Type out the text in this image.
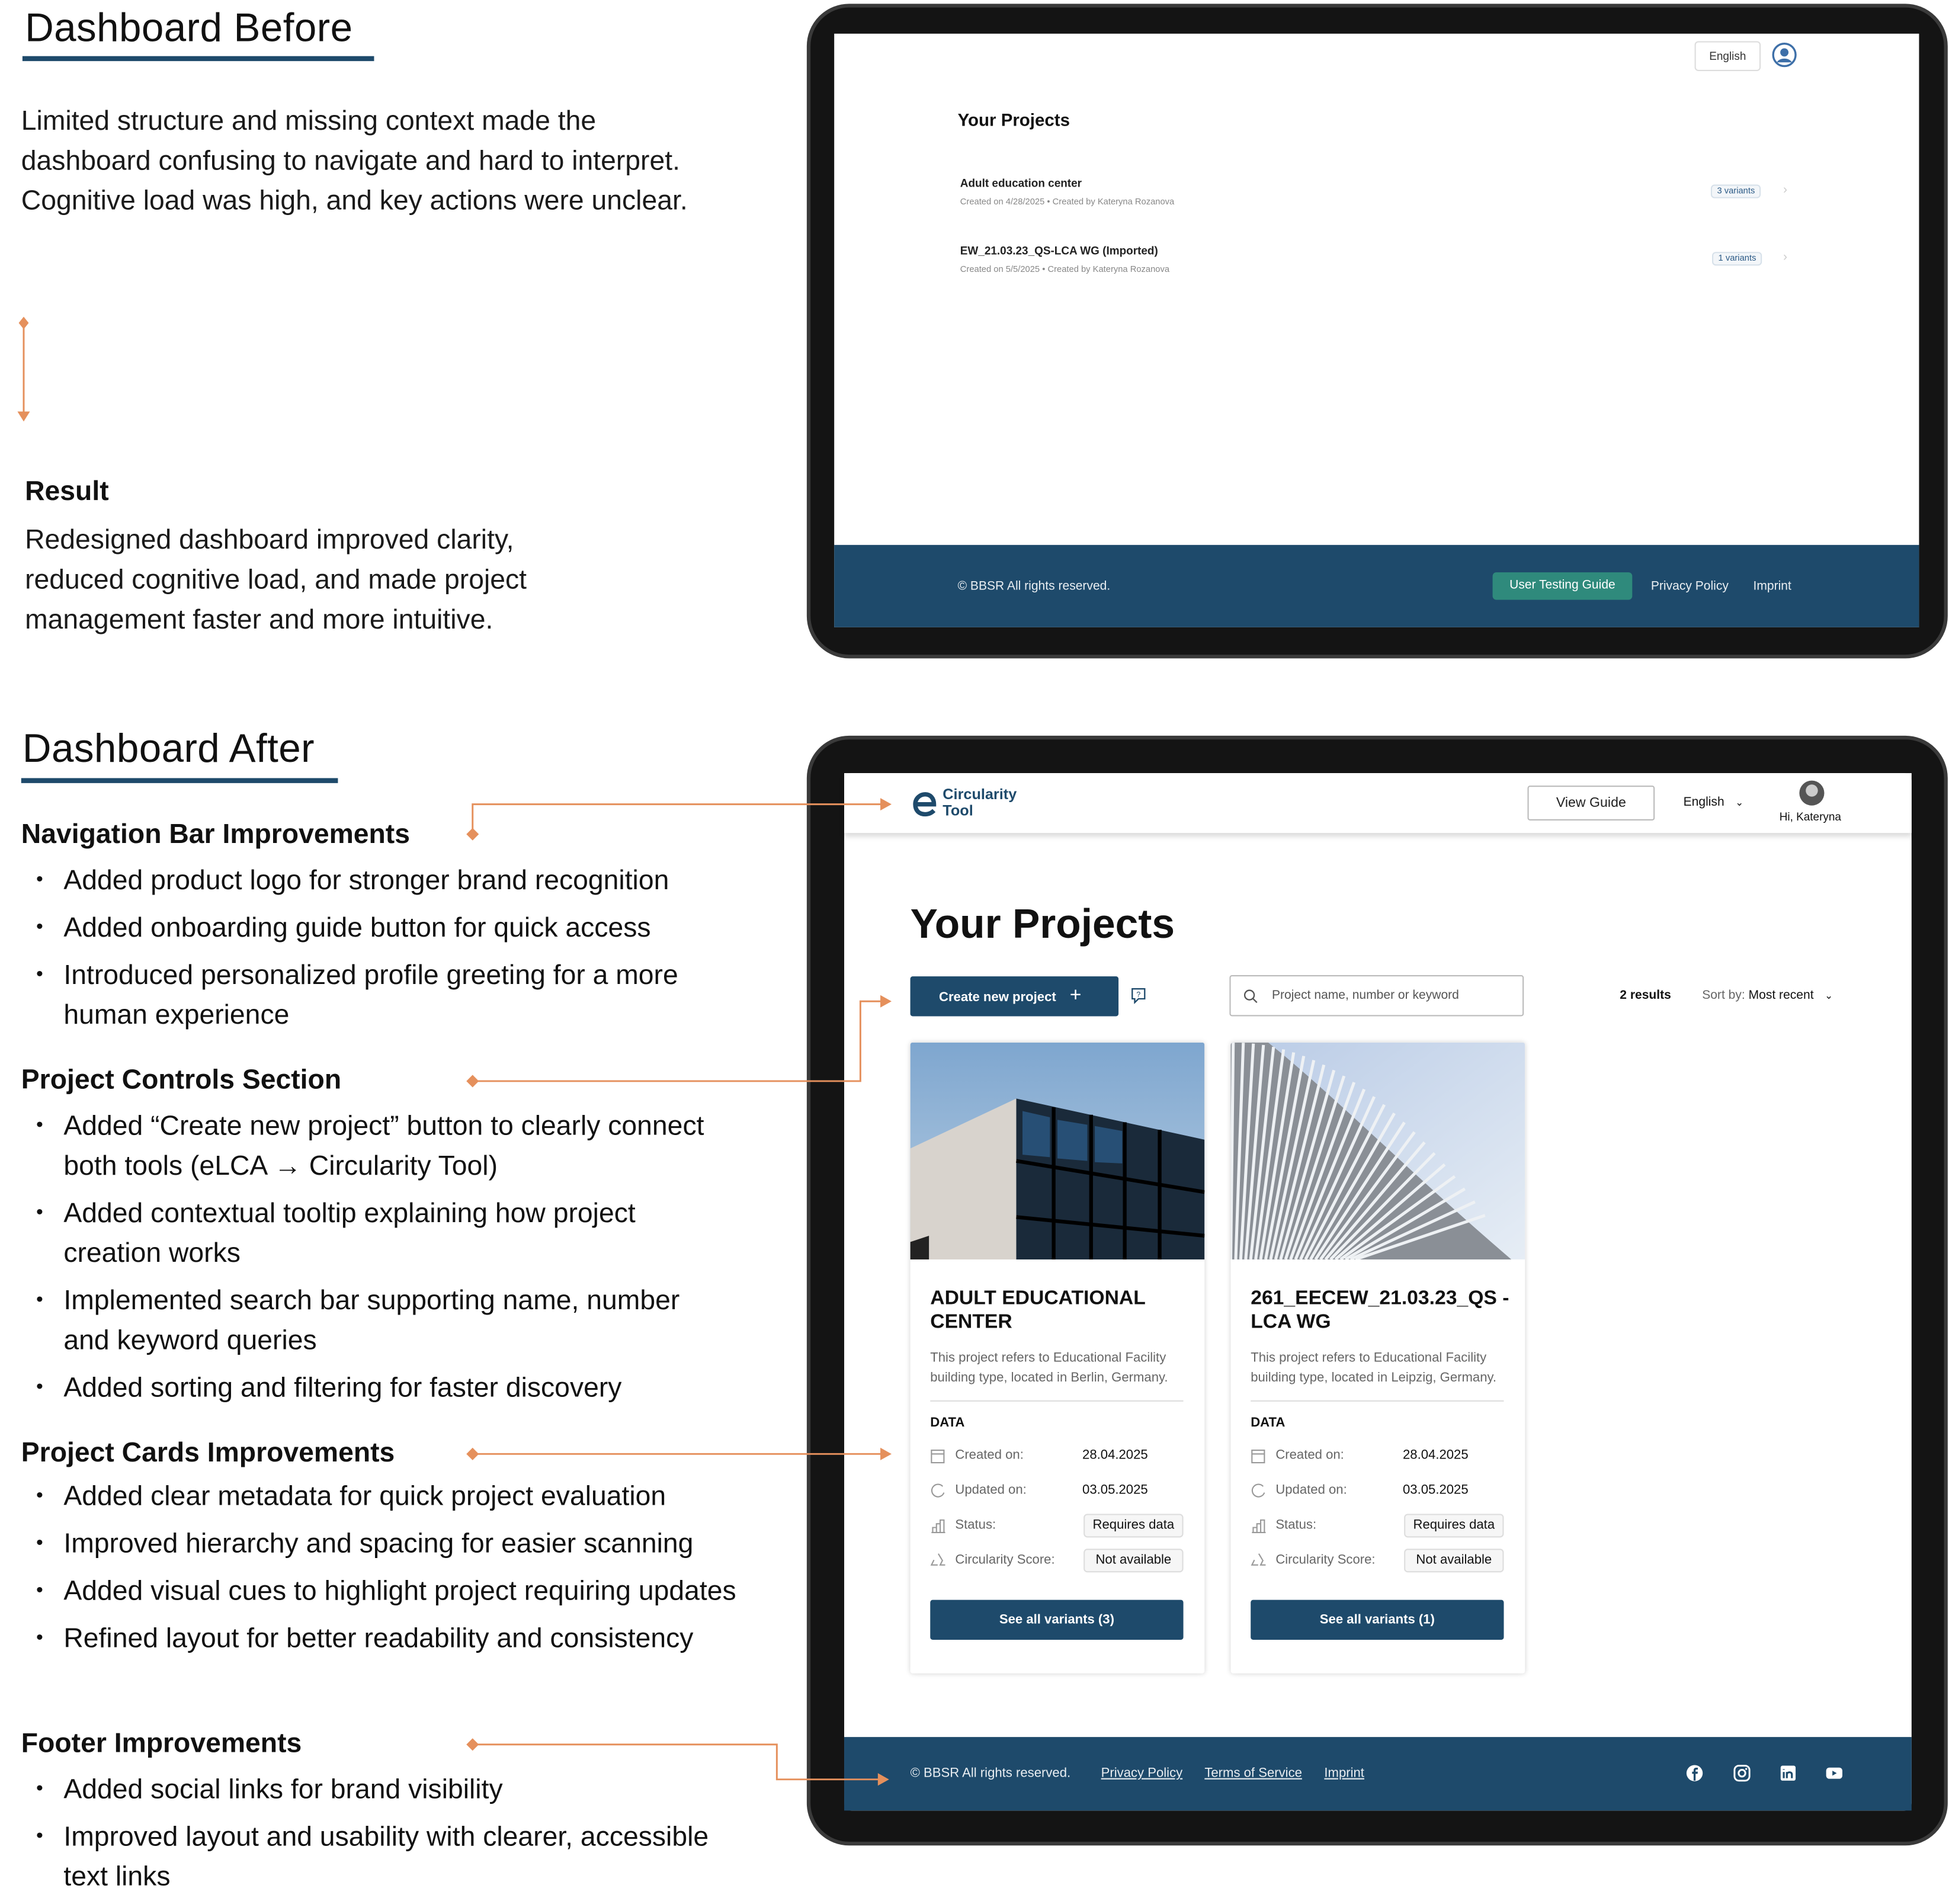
Dashboard Before
Limited structure and missing context made the dashboard confusing to navigate and hard to interpret. Cognitive load was high, and key actions were unclear.
Result
Redesigned dashboard improved clarity, reduced cognitive load, and made project management faster and more intuitive.
English
Your Projects
Adult education center
Created on 4/28/2025 • Created by Kateryna Rozanova
3 variants	›
EW_21.03.23_QS-LCA WG (Imported)
Created on 5/5/2025 • Created by Kateryna Rozanova
1 variants	›
© BBSR All rights reserved.	User Testing Guide	Privacy Policy	Imprint
Dashboard After
Navigation Bar Improvements
• Added product logo for stronger brand recognition
• Added onboarding guide button for quick access
• Introduced personalized profile greeting for a more human experience
Project Controls Section
• Added “Create new project” button to clearly connect both tools (eLCA → Circularity Tool)
• Added contextual tooltip explaining how project creation works
• Implemented search bar supporting name, number and keyword queries
• Added sorting and filtering for faster discovery
Project Cards Improvements
• Added clear metadata for quick project evaluation
• Improved hierarchy and spacing for easier scanning
• Added visual cues to highlight project requiring updates
• Refined layout for better readability and consistency
Footer Improvements
• Added social links for brand visibility
• Improved layout and usability with clearer, accessible text links
Circularity
Tool	View Guide	English ⌄
Hi, Kateryna
Your Projects
Create new project +	?	Project name, number or keyword	2 results	Sort by: Most recent ⌄
ADULT EDUCATIONAL CENTER
This project refers to Educational Facility building type, located in Berlin, Germany.
DATA
Created on:	28.04.2025
Updated on:	03.05.2025
Status:	Requires data
Circularity Score:	Not available
See all variants (3)
261_EECEW_21.03.23_QS -LCA WG
This project refers to Educational Facility building type, located in Leipzig, Germany.
DATA
Created on:	28.04.2025
Updated on:	03.05.2025
Status:	Requires data
Circularity Score:	Not available
See all variants (1)
© BBSR All rights reserved.	Privacy Policy	Terms of Service	Imprint
